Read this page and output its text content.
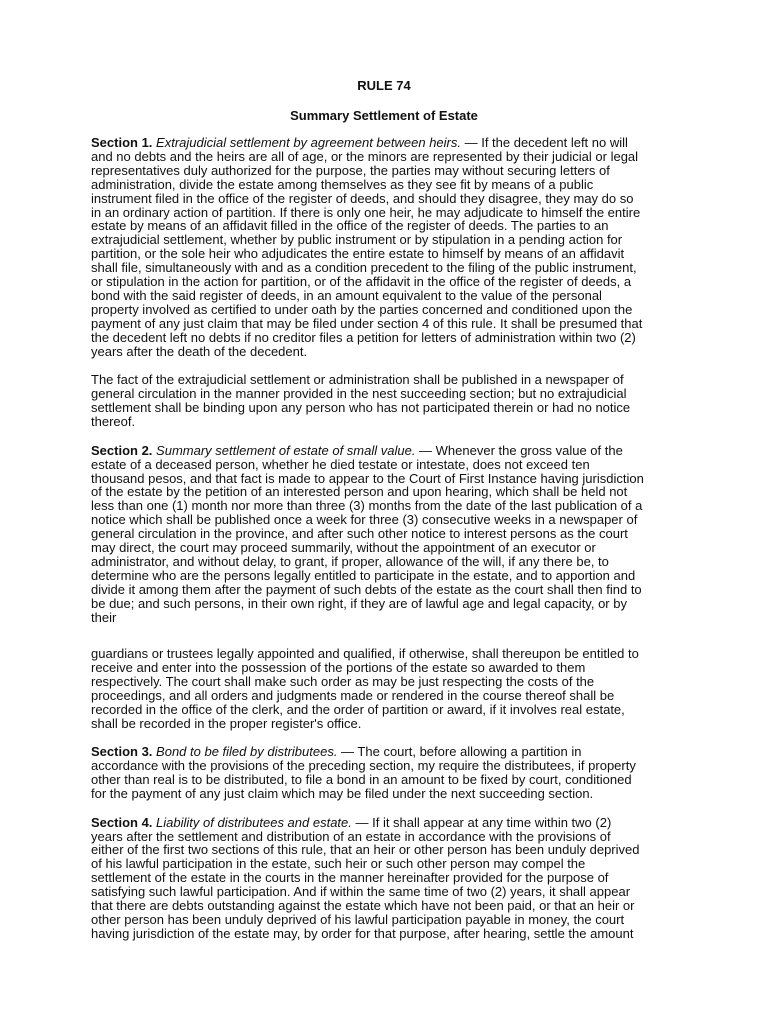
RULE 74
Summary Settlement of Estate
Section 1. Extrajudicial settlement by agreement between heirs. — If the decedent left no will
and no debts and the heirs are all of age, or the minors are represented by their judicial or legal
representatives duly authorized for the purpose, the parties may without securing letters of
administration, divide the estate among themselves as they see fit by means of a public
instrument filed in the office of the register of deeds, and should they disagree, they may do so
in an ordinary action of partition. If there is only one heir, he may adjudicate to himself the entire
estate by means of an affidavit filled in the office of the register of deeds. The parties to an
extrajudicial settlement, whether by public instrument or by stipulation in a pending action for
partition, or the sole heir who adjudicates the entire estate to himself by means of an affidavit
shall file, simultaneously with and as a condition precedent to the filing of the public instrument,
or stipulation in the action for partition, or of the affidavit in the office of the register of deeds, a
bond with the said register of deeds, in an amount equivalent to the value of the personal
property involved as certified to under oath by the parties concerned and conditioned upon the
payment of any just claim that may be filed under section 4 of this rule. It shall be presumed that
the decedent left no debts if no creditor files a petition for letters of administration within two (2)
years after the death of the decedent.
The fact of the extrajudicial settlement or administration shall be published in a newspaper of
general circulation in the manner provided in the nest succeeding section; but no extrajudicial
settlement shall be binding upon any person who has not participated therein or had no notice
thereof.
Section 2. Summary settlement of estate of small value. — Whenever the gross value of the
estate of a deceased person, whether he died testate or intestate, does not exceed ten
thousand pesos, and that fact is made to appear to the Court of First Instance having jurisdiction
of the estate by the petition of an interested person and upon hearing, which shall be held not
less than one (1) month nor more than three (3) months from the date of the last publication of a
notice which shall be published once a week for three (3) consecutive weeks in a newspaper of
general circulation in the province, and after such other notice to interest persons as the court
may direct, the court may proceed summarily, without the appointment of an executor or
administrator, and without delay, to grant, if proper, allowance of the will, if any there be, to
determine who are the persons legally entitled to participate in the estate, and to apportion and
divide it among them after the payment of such debts of the estate as the court shall then find to
be due; and such persons, in their own right, if they are of lawful age and legal capacity, or by
their
guardians or trustees legally appointed and qualified, if otherwise, shall thereupon be entitled to
receive and enter into the possession of the portions of the estate so awarded to them
respectively. The court shall make such order as may be just respecting the costs of the
proceedings, and all orders and judgments made or rendered in the course thereof shall be
recorded in the office of the clerk, and the order of partition or award, if it involves real estate,
shall be recorded in the proper register's office.
Section 3. Bond to be filed by distributees. — The court, before allowing a partition in
accordance with the provisions of the preceding section, my require the distributees, if property
other than real is to be distributed, to file a bond in an amount to be fixed by court, conditioned
for the payment of any just claim which may be filed under the next succeeding section.
Section 4. Liability of distributees and estate. — If it shall appear at any time within two (2)
years after the settlement and distribution of an estate in accordance with the provisions of
either of the first two sections of this rule, that an heir or other person has been unduly deprived
of his lawful participation in the estate, such heir or such other person may compel the
settlement of the estate in the courts in the manner hereinafter provided for the purpose of
satisfying such lawful participation. And if within the same time of two (2) years, it shall appear
that there are debts outstanding against the estate which have not been paid, or that an heir or
other person has been unduly deprived of his lawful participation payable in money, the court
having jurisdiction of the estate may, by order for that purpose, after hearing, settle the amount
